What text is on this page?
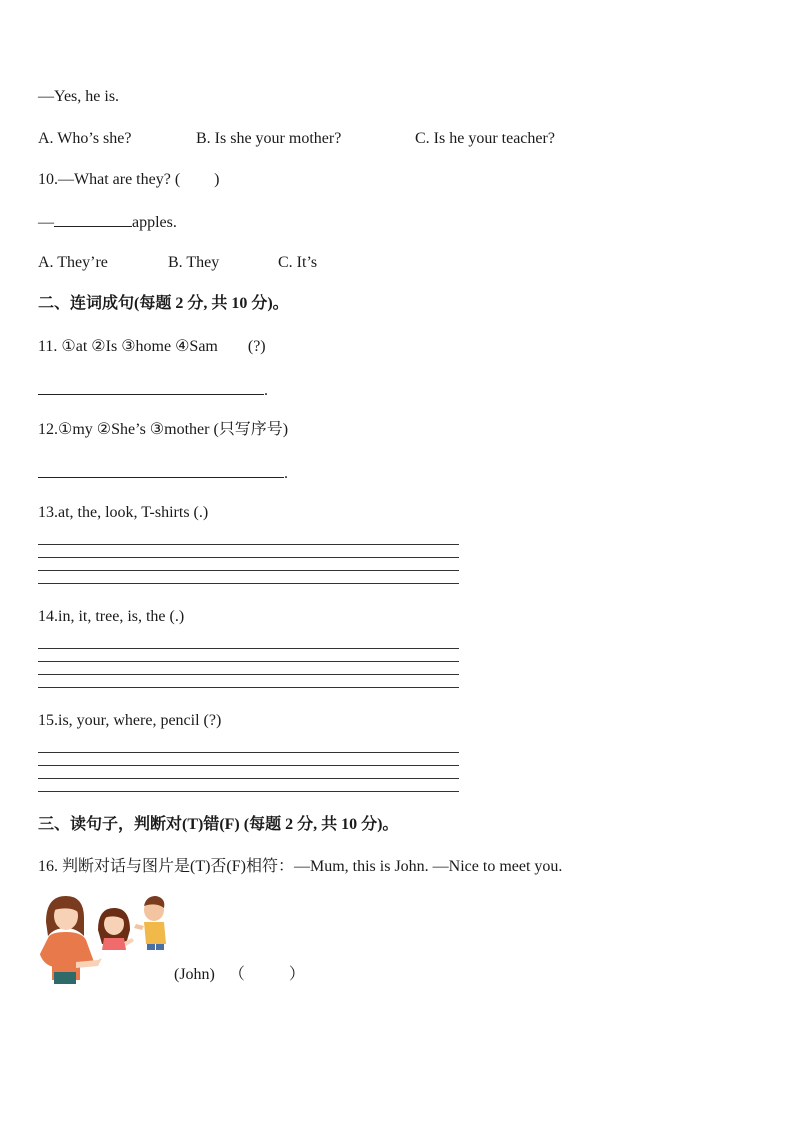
—Yes, he is.
A. Who’s she?	B. Is she your mother?	C. Is he your teacher?
10.—What are they? ( )
—	apples.
A. They’re	B. They	C. It’s
二、连词成句(每题 2 分, 共 10 分)。
11. ①at ②Is ③home ④Sam (?)
.
12.①my ②She’s ③mother (只写序号)
.
13.at, the, look, T-shirts (.)
14.in, it, tree, is, the (.)
15.is, your, where, pencil (?)
三、读句子，判断对(T)错(F) (每题 2 分, 共 10 分)。
16. 判断对话与图片是(T)否(F)相符：—Mum, this is John. —Nice to meet you.
(John) （	）
